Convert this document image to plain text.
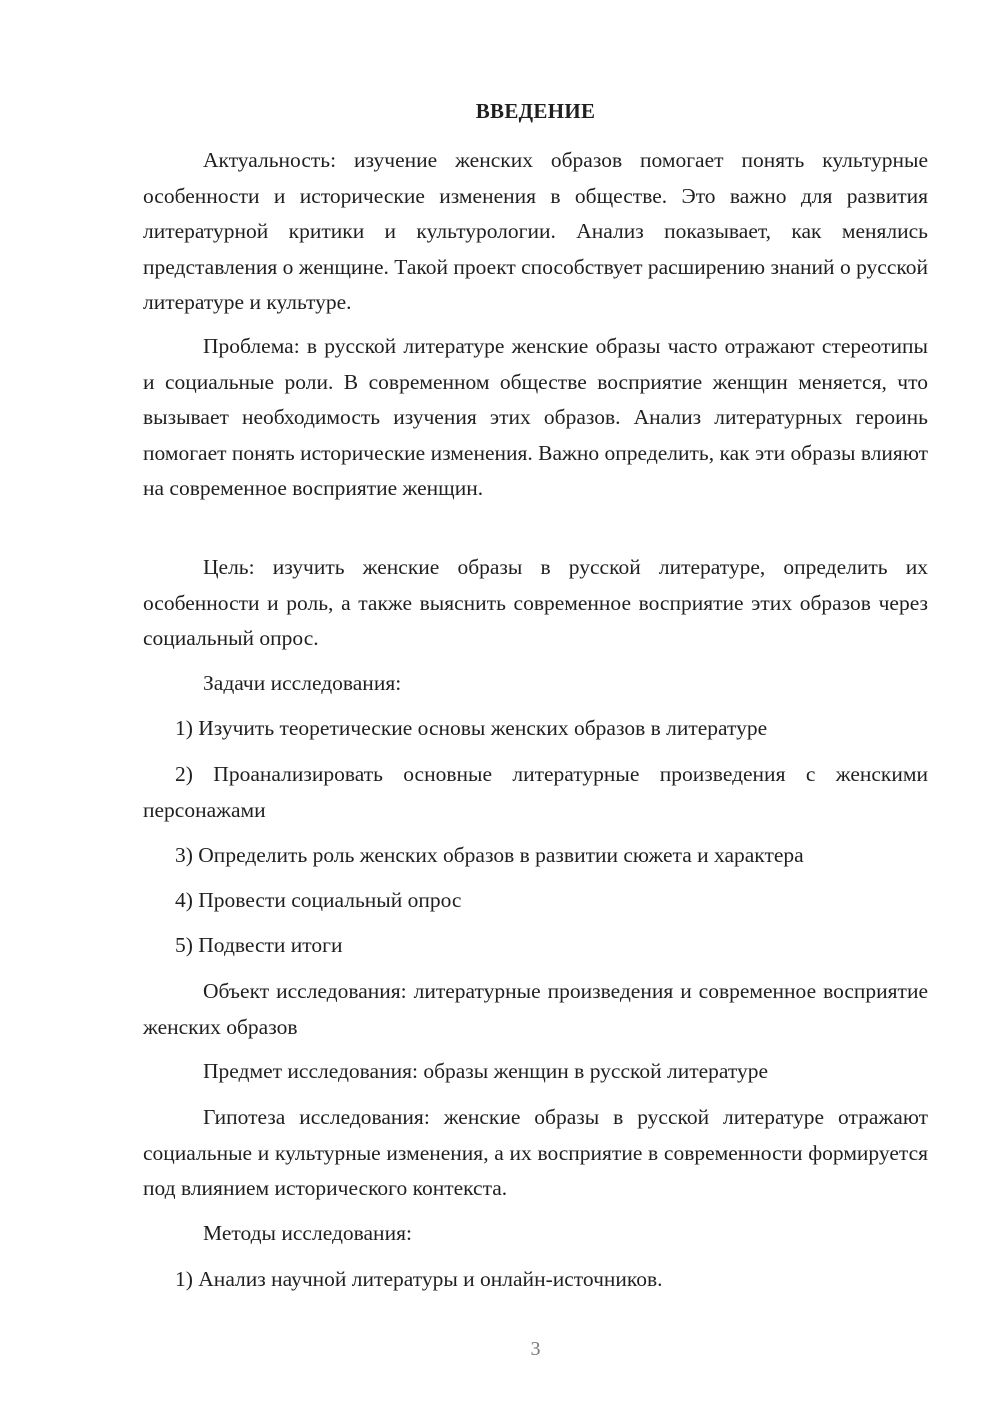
ВВЕДЕНИЕ
Актуальность: изучение женских образов помогает понять культурные особенности и исторические изменения в обществе. Это важно для развития литературной критики и культурологии. Анализ показывает, как менялись представления о женщине. Такой проект способствует расширению знаний о русской литературе и культуре.
Проблема: в русской литературе женские образы часто отражают стереотипы и социальные роли. В современном обществе восприятие женщин меняется, что вызывает необходимость изучения этих образов. Анализ литературных героинь помогает понять исторические изменения. Важно определить, как эти образы влияют на современное восприятие женщин.
Цель: изучить женские образы в русской литературе, определить их особенности и роль, а также выяснить современное восприятие этих образов через социальный опрос.
Задачи исследования:
1) Изучить теоретические основы женских образов в литературе
2) Проанализировать основные литературные произведения с женскими персонажами
3) Определить роль женских образов в развитии сюжета и характера
4) Провести социальный опрос
5) Подвести итоги
Объект исследования: литературные произведения и современное восприятие женских образов
Предмет исследования: образы женщин в русской литературе
Гипотеза исследования: женские образы в русской литературе отражают социальные и культурные изменения, а их восприятие в современности формируется под влиянием исторического контекста.
Методы исследования:
1) Анализ научной литературы и онлайн-источников.
3
